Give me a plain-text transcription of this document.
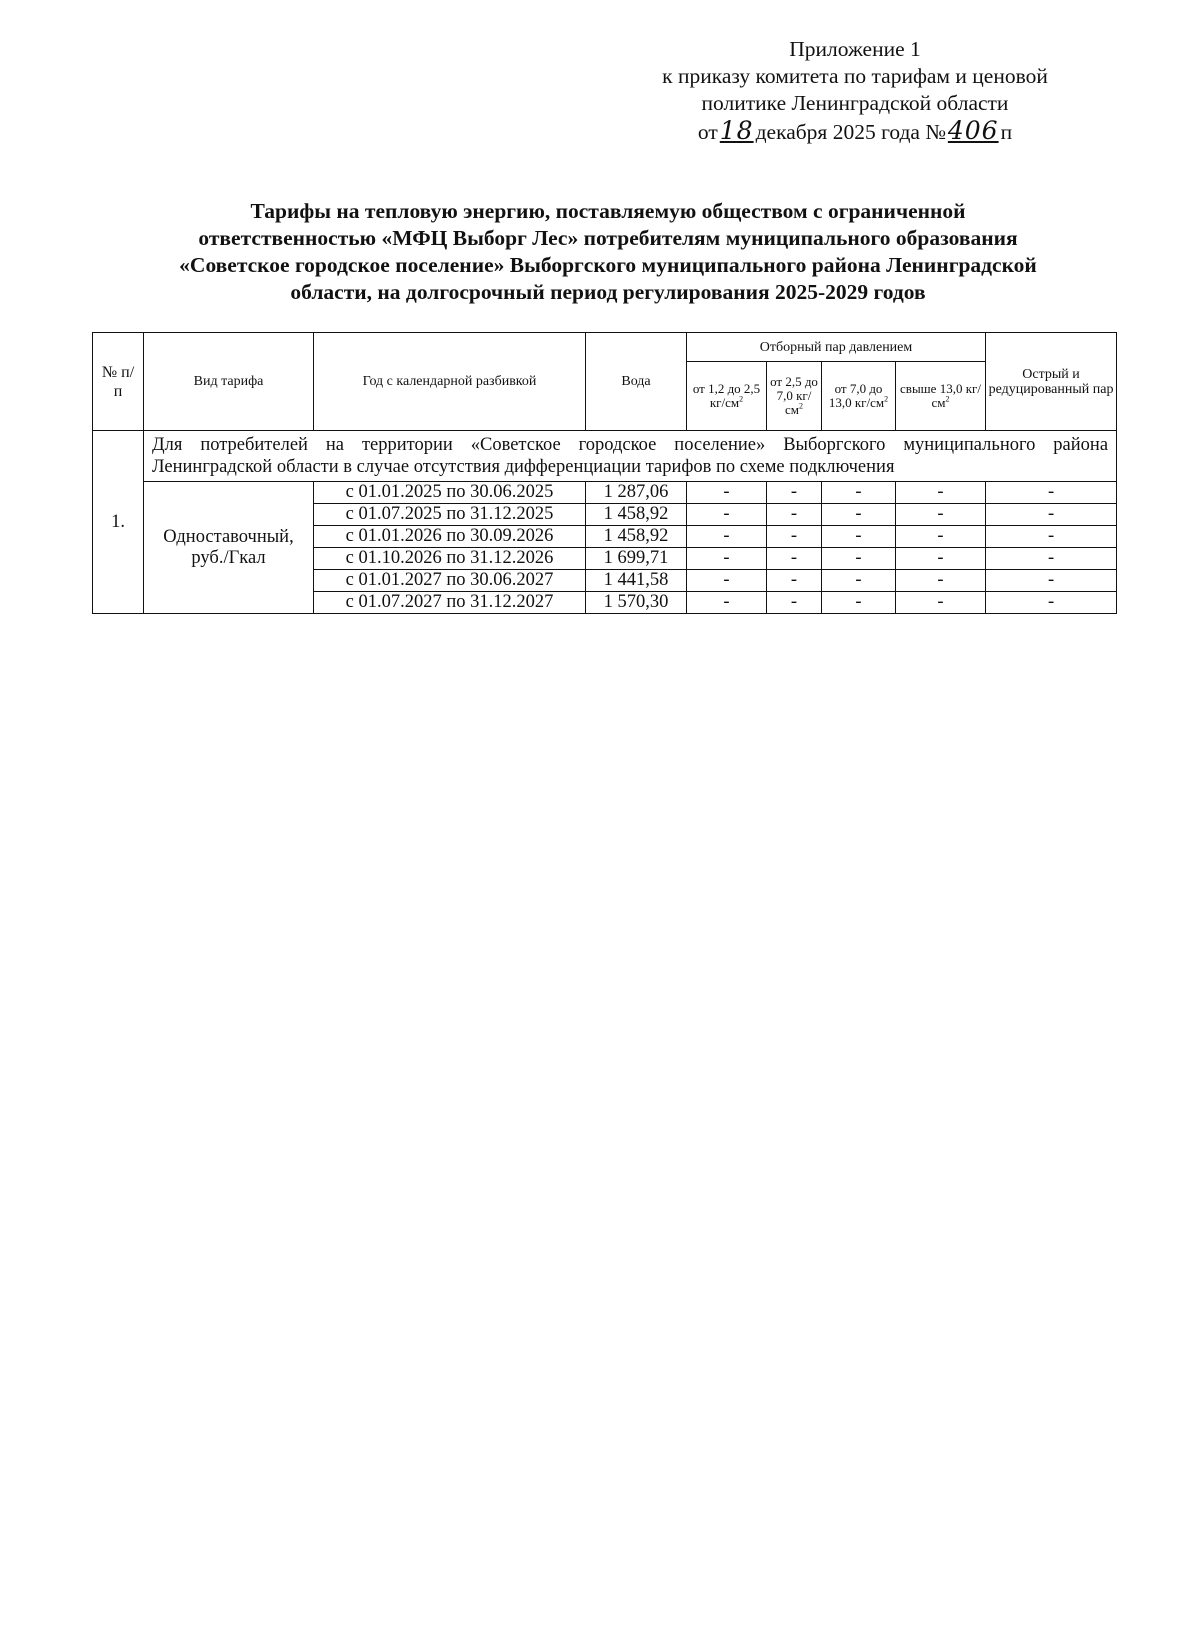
Приложение 1
к приказу комитета по тарифам и ценовой
политике Ленинградской области
от18декабря 2025 года №406п
Тарифы на тепловую энергию, поставляемую обществом с ограниченной
ответственностью «МФЦ Выборг Лес» потребителям муниципального образования
«Советское городское поселение» Выборгского муниципального района Ленинградской
области, на долгосрочный период регулирования 2025-2029 годов
№ п/п	Вид тарифа	Год с календарной разбивкой	Вода	Отборный пар давлением				Острый и редуцированный пар
				от 1,2 до 2,5 $кг/см^2$	от 2,5 до 7,0 $кг/см^2$	от 7,0 до 13,0 $кг/см^2$	свыше 13,0 $кг/см^2$
1.	Для потребителей на территории «Советское городское поселение» Выборгского муниципального района Ленинградской области в случае отсутствия дифференциации тарифов по схеме подключения							
	Одноставочный, руб./Гкал	с 01.01.2025 по 30.06.2025	1 287,06	-	-	-	-	-
		с 01.07.2025 по 31.12.2025	1 458,92	-	-	-	-	-
		с 01.01.2026 по 30.09.2026	1 458,92	-	-	-	-	-
		с 01.10.2026 по 31.12.2026	1 699,71	-	-	-	-	-
		с 01.01.2027 по 30.06.2027	1 441,58	-	-	-	-	-
		с 01.07.2027 по 31.12.2027	1 570,30	-	-	-	-	-
